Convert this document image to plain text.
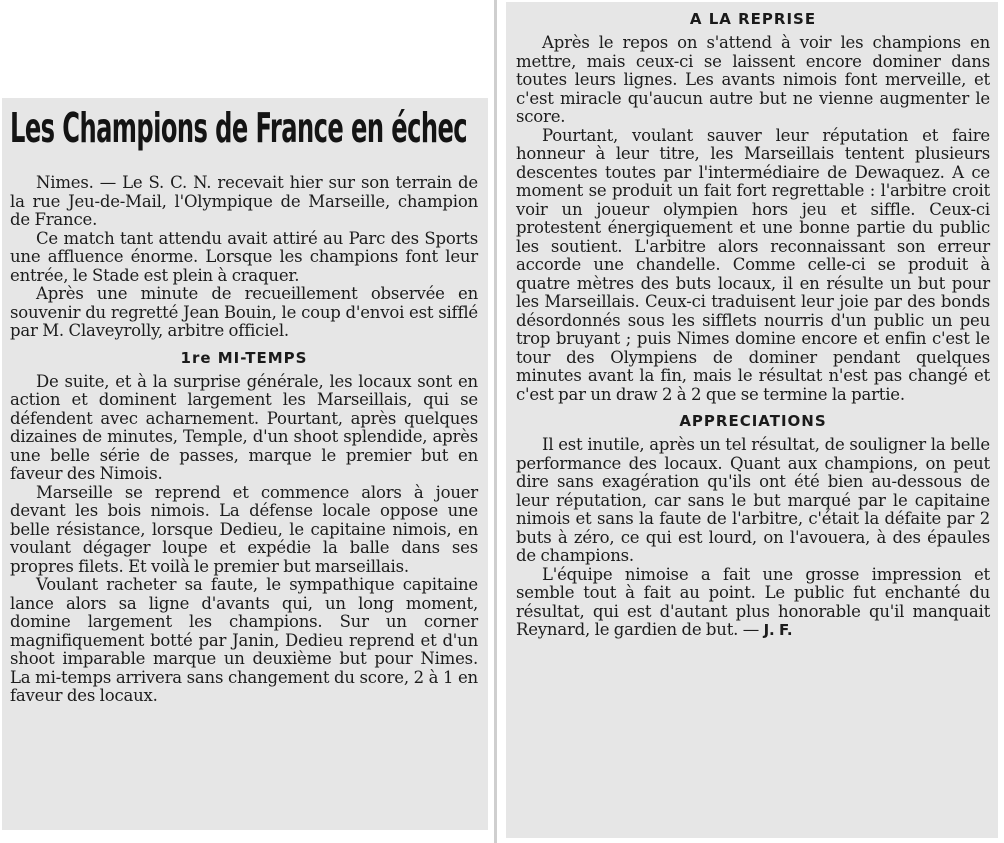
Les Champions de France en échec

Nimes. — Le S. C. N. recevait hier sur son terrain de la rue Jeu-de-Mail, l'Olympique de Marseille, champion de France.

Ce match tant attendu avait attiré au Parc des Sports une affluence énorme. Lorsque les champions font leur entrée, le Stade est plein à craquer.

Après une minute de recueillement observée en souvenir du regretté Jean Bouin, le coup d'envoi est sifflé par M. Claveyrolly, arbitre officiel.

1re MI-TEMPS

De suite, et à la surprise générale, les locaux sont en action et dominent largement les Marseillais, qui se défendent avec acharnement. Pourtant, après quelques dizaines de minutes, Temple, d'un shoot splendide, après une belle série de passes, marque le premier but en faveur des Nimois.

Marseille se reprend et commence alors à jouer devant les bois nimois. La défense locale oppose une belle résistance, lorsque Dedieu, le capitaine nimois, en voulant dégager loupe et expédie la balle dans ses propres filets. Et voilà le premier but marseillais.

Voulant racheter sa faute, le sympathique capitaine lance alors sa ligne d'avants qui, un long moment, domine largement les champions. Sur un corner magnifiquement botté par Janin, Dedieu reprend et d'un shoot imparable marque un deuxième but pour Nimes. La mi-temps arrivera sans changement du score, 2 à 1 en faveur des locaux.

A LA REPRISE

Après le repos on s'attend à voir les champions en mettre, mais ceux-ci se laissent encore dominer dans toutes leurs lignes. Les avants nimois font merveille, et c'est miracle qu'aucun autre but ne vienne augmenter le score.

Pourtant, voulant sauver leur réputation et faire honneur à leur titre, les Marseillais tentent plusieurs descentes toutes par l'intermédiaire de Dewaquez. A ce moment se produit un fait fort regrettable : l'arbitre croit voir un joueur olympien hors jeu et siffle. Ceux-ci protestent énergiquement et une bonne partie du public les soutient. L'arbitre alors reconnaissant son erreur accorde une chandelle. Comme celle-ci se produit à quatre mètres des buts locaux, il en résulte un but pour les Marseillais. Ceux-ci traduisent leur joie par des bonds désordonnés sous les sifflets nourris d'un public un peu trop bruyant ; puis Nimes domine encore et enfin c'est le tour des Olympiens de dominer pendant quelques minutes avant la fin, mais le résultat n'est pas changé et c'est par un draw 2 à 2 que se termine la partie.

APPRECIATIONS

Il est inutile, après un tel résultat, de souligner la belle performance des locaux. Quant aux champions, on peut dire sans exagération qu'ils ont été bien au-dessous de leur réputation, car sans le but marqué par le capitaine nimois et sans la faute de l'arbitre, c'était la défaite par 2 buts à zéro, ce qui est lourd, on l'avouera, à des épaules de champions.

L'équipe nimoise a fait une grosse impression et semble tout à fait au point. Le public fut enchanté du résultat, qui est d'autant plus honorable qu'il manquait Reynard, le gardien de but. — J. F.
